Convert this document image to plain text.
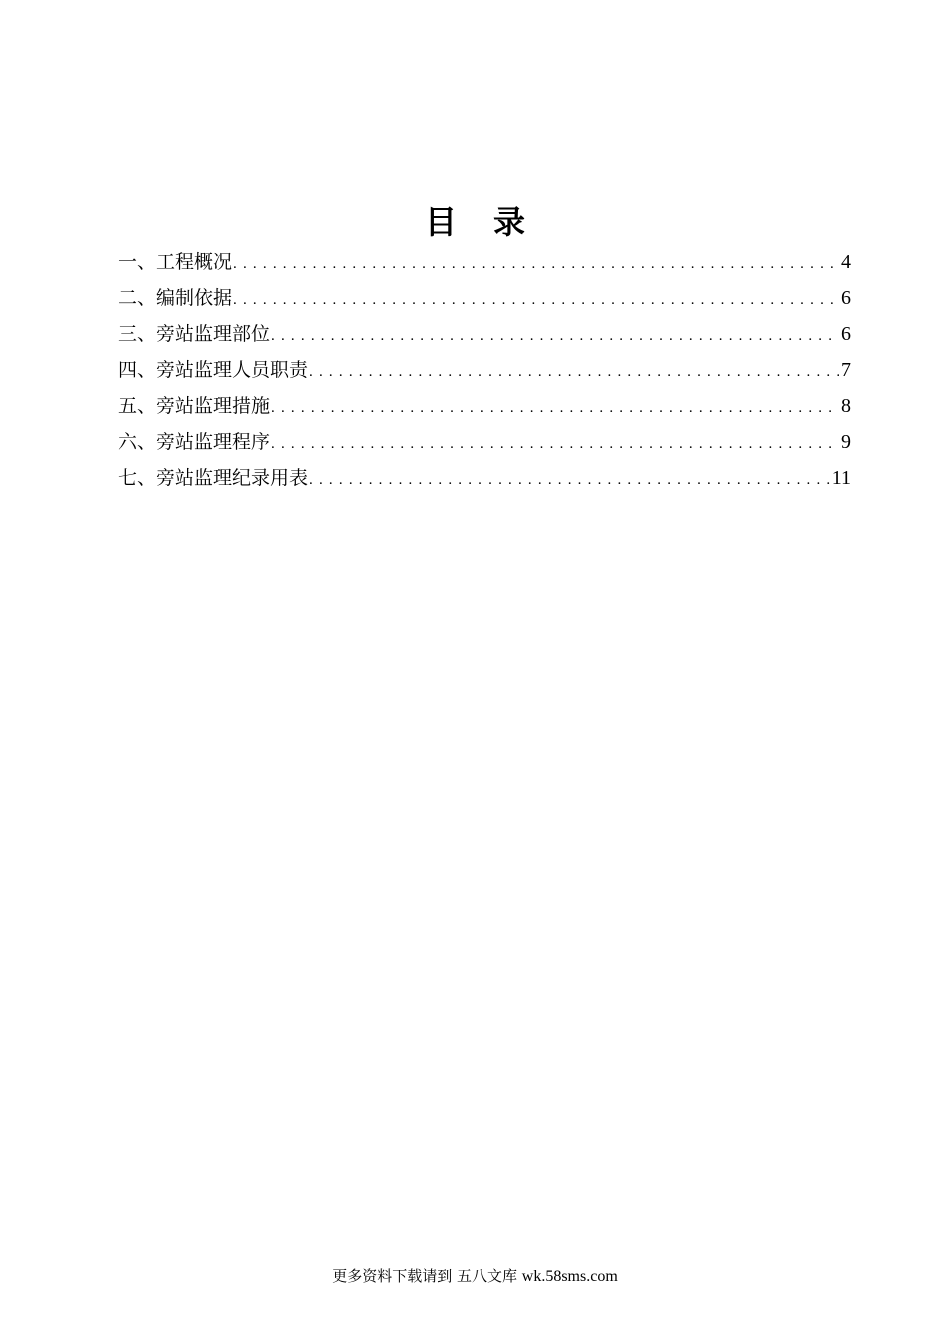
目 录
一、工程概况 .....	4
二、编制依据 .....	6
三、旁站监理部位 .....	6
四、旁站监理人员职责 .....	7
五、旁站监理措施 .....	8
六、旁站监理程序 .....	9
七、旁站监理纪录用表 .....	11
更多资料下载请到 五八文库 wk.58sms.com
